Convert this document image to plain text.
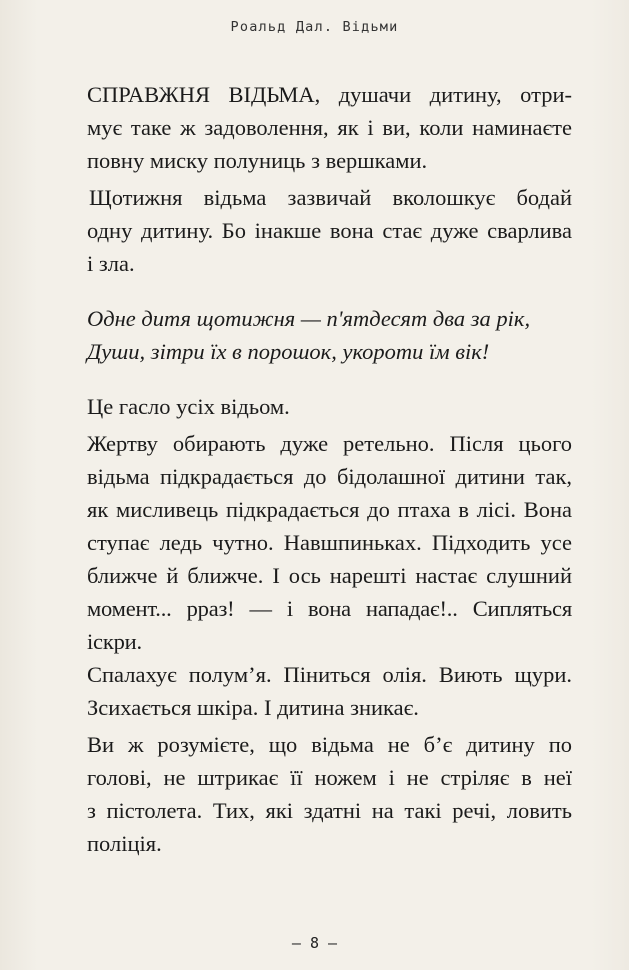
Роальд Дал. Відьми

СПРАВЖНЯ ВІДЬМА, душачи дитину, отри-

мує таке ж задоволення, як і ви, коли наминаєте

повну миску полуниць з вершками.

Щотижня відьма зазвичай вколошкує бодай

одну дитину. Бо інакше вона стає дуже сварлива

і зла.

Одне дитя щотижня — п'ятдесят два за рік,

Души, зітри їх в порошок, укороти їм вік!

Це гасло усіх відьом.

Жертву обирають дуже ретельно. Після цього

відьма підкрадається до бідолашної дитини так,

як мисливець підкрадається до птаха в лісі. Вона

ступає ледь чутно. Навшпиньках. Підходить усе

ближче й ближче. І ось нарешті настає слушний

момент... рраз! — і вона нападає!.. Сипляться іскри.

Спалахує полум’я. Піниться олія. Виють щури.

Зсихається шкіра. І дитина зникає.

Ви ж розумієте, що відьма не б’є дитину по

голові, не штрикає її ножем і не стріляє в неї

з пістолета. Тих, які здатні на такі речі, ловить

поліція.

— 8 —
